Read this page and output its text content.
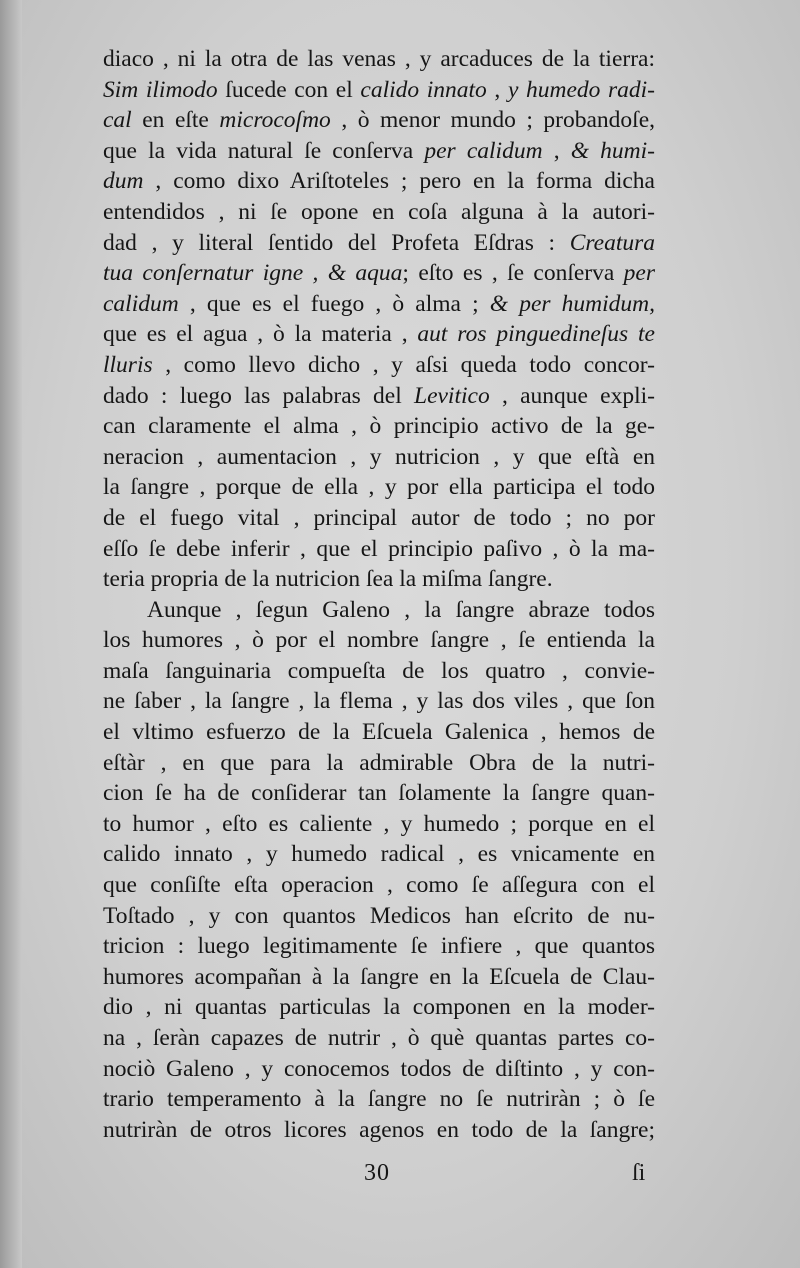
diaco , ni la otra de las venas , y arcaduces de la tierra:
Sim ilimodo ſucede con el calido innato , y humedo radi-
cal en eſte microcoſmo , ò menor mundo ; probandoſe,
que la vida natural ſe conſerva per calidum , & humi-
dum , como dixo Ariſtoteles ; pero en la forma dicha
entendidos , ni ſe opone en coſa alguna à la autori-
dad , y literal ſentido del Profeta Eſdras : Creatura
tua conſernatur igne , & aqua; eſto es , ſe conſerva per
calidum , que es el fuego , ò alma ; & per humidum,
que es el agua , ò la materia , aut ros pinguedineſus te
lluris , como llevo dicho , y aſsi queda todo concor-
dado : luego las palabras del Levitico , aunque expli-
can claramente el alma , ò principio activo de la ge-
neracion , aumentacion , y nutricion , y que eſtà en
la ſangre , porque de ella , y por ella participa el todo
de el fuego vital , principal autor de todo ; no por
eſſo ſe debe inferir , que el principio paſivo , ò la ma-
teria propria de la nutricion ſea la miſma ſangre.
Aunque , ſegun Galeno , la ſangre abraze todos
los humores , ò por el nombre ſangre , ſe entienda la
maſa ſanguinaria compueſta de los quatro , convie-
ne ſaber , la ſangre , la flema , y las dos viles , que ſon
el vltimo esfuerzo de la Eſcuela Galenica , hemos de
eſtàr , en que para la admirable Obra de la nutri-
cion ſe ha de conſiderar tan ſolamente la ſangre quan-
to humor , eſto es caliente , y humedo ; porque en el
calido innato , y humedo radical , es vnicamente en
que conſiſte eſta operacion , como ſe aſſegura con el
Toſtado , y con quantos Medicos han eſcrito de nu-
tricion : luego legitimamente ſe infiere , que quantos
humores acompañan à la ſangre en la Eſcuela de Clau-
dio , ni quantas particulas la componen en la moder-
na , ſeràn capazes de nutrir , ò què quantas partes co-
nociò Galeno , y conocemos todos de diſtinto , y con-
trario temperamento à la ſangre no ſe nutriràn ; ò ſe
nutriràn de otros licores agenos en todo de la ſangre;
30	ſi
